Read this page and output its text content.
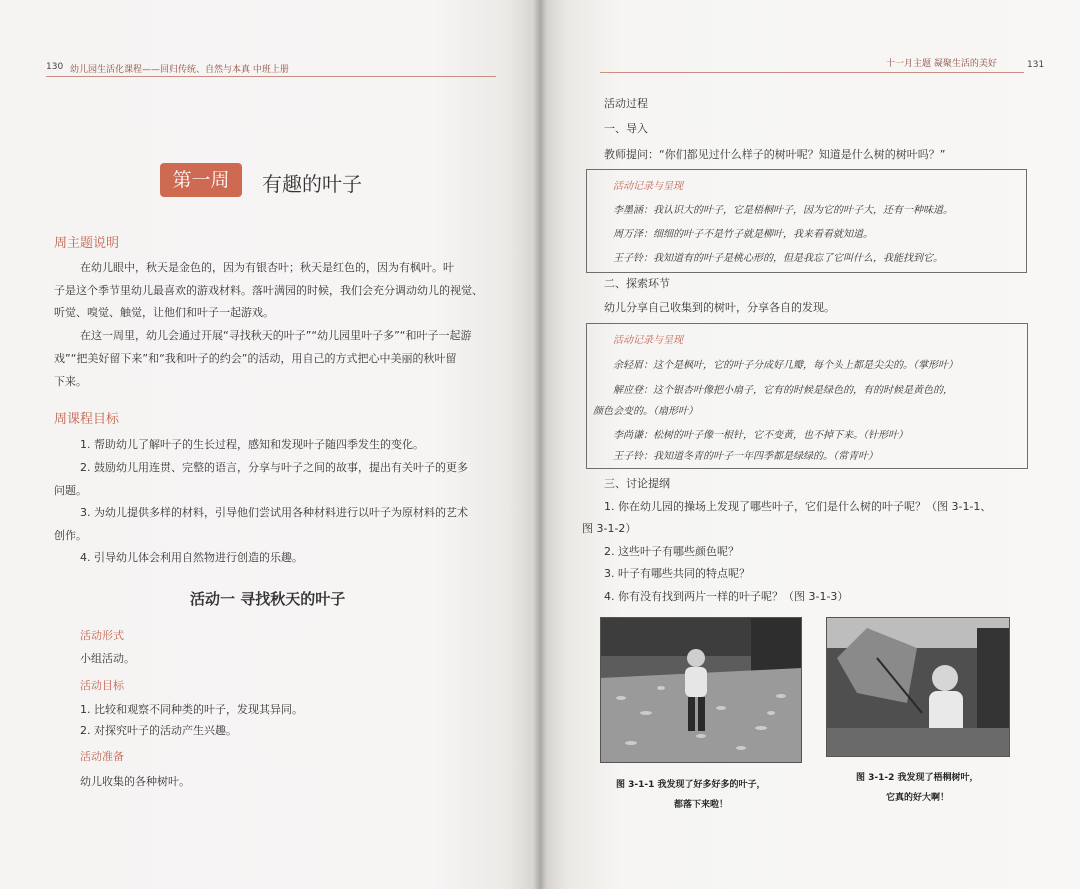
130 幼儿园生活化课程——回归传统、自然与本真 中班上册
第一周	有趣的叶子
周主题说明
在幼儿眼中，秋天是金色的，因为有银杏叶；秋天是红色的，因为有枫叶。叶
子是这个季节里幼儿最喜欢的游戏材料。落叶满园的时候，我们会充分调动幼儿的视觉、
听觉、嗅觉、触觉，让他们和叶子一起游戏。
在这一周里，幼儿会通过开展“寻找秋天的叶子”“幼儿园里叶子多”“和叶子一起游
戏”“把美好留下来”和“我和叶子的约会”的活动，用自己的方式把心中美丽的秋叶留
下来。
周课程目标
1. 帮助幼儿了解叶子的生长过程，感知和发现叶子随四季发生的变化。
2. 鼓励幼儿用连贯、完整的语言，分享与叶子之间的故事，提出有关叶子的更多
问题。
3. 为幼儿提供多样的材料，引导他们尝试用各种材料进行以叶子为原材料的艺术
创作。
4. 引导幼儿体会利用自然物进行创造的乐趣。
活动一 寻找秋天的叶子
活动形式
小组活动。
活动目标
1. 比较和观察不同种类的叶子，发现其异同。
2. 对探究叶子的活动产生兴趣。
活动准备
幼儿收集的各种树叶。
十一月主题 凝聚生活的美好	131
活动过程
一、导入
教师提问：“你们都见过什么样子的树叶呢？知道是什么树的树叶吗？”
活动记录与呈现
李墨涵：我认识大的叶子，它是梧桐叶子，因为它的叶子大，还有一种味道。
周万泽：细细的叶子不是竹子就是柳叶，我来看看就知道。
王子铃：我知道有的叶子是桃心形的，但是我忘了它叫什么，我能找到它。
二、探索环节
幼儿分享自己收集到的树叶，分享各自的发现。
活动记录与呈现
余轻眉：这个是枫叶，它的叶子分成好几瓣，每个头上都是尖尖的。（掌形叶）
解应登：这个银杏叶像把小扇子，它有的时候是绿色的，有的时候是黄色的，
颜色会变的。（扇形叶）
李尚谦：松树的叶子像一根针，它不变黄，也不掉下来。（针形叶）
王子铃：我知道冬青的叶子一年四季都是绿绿的。（常青叶）
三、讨论提纲
1. 你在幼儿园的操场上发现了哪些叶子，它们是什么树的叶子呢？（图 3-1-1、
图 3-1-2）
2. 这些叶子有哪些颜色呢？
3. 叶子有哪些共同的特点呢？
4. 你有没有找到两片一样的叶子呢？（图 3-1-3）
图 3-1-1 我发现了好多好多的叶子，
都落下来啦！
图 3-1-2 我发现了梧桐树叶，
它真的好大啊！
